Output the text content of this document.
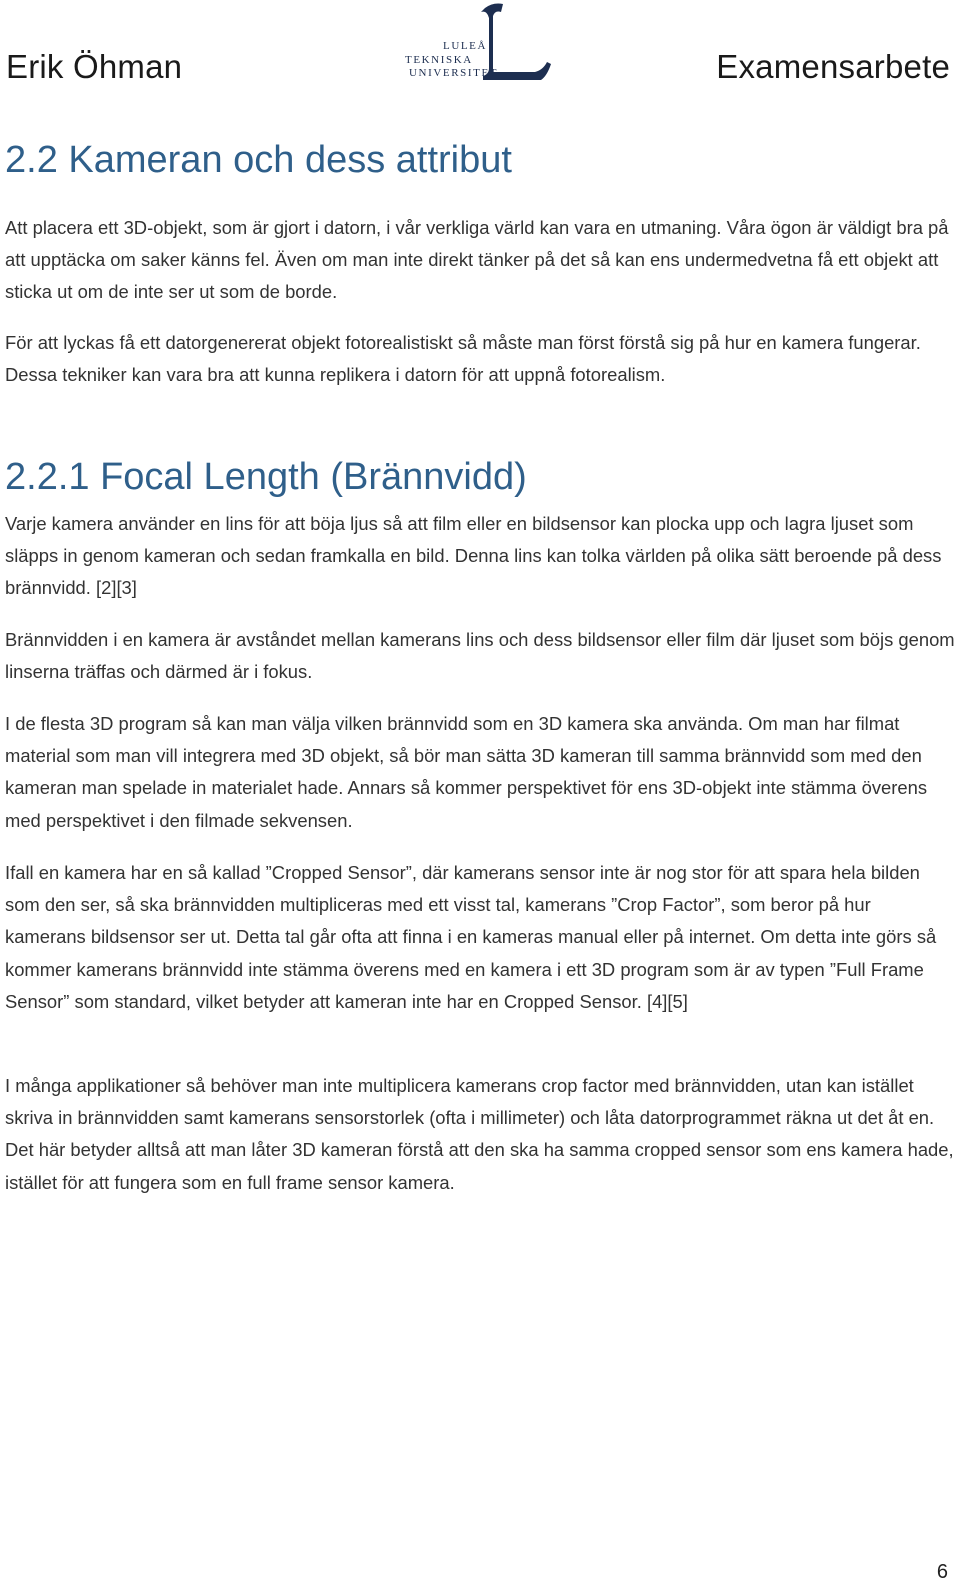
Erik Öhman
LULEÅ
TEKNISKA
UNIVERSITET	Examensarbete
2.2 Kameran och dess attribut

Att placera ett 3D-objekt, som är gjort i datorn, i vår verkliga värld kan vara en utmaning. Våra ögon är väldigt bra på att upptäcka om saker känns fel. Även om man inte direkt tänker på det så kan ens undermedvetna få ett objekt att sticka ut om de inte ser ut som de borde.

För att lyckas få ett datorgenererat objekt fotorealistiskt så måste man först förstå sig på hur en kamera fungerar. Dessa tekniker kan vara bra att kunna replikera i datorn för att uppnå fotorealism.

2.2.1 Focal Length (Brännvidd)

Varje kamera använder en lins för att böja ljus så att film eller en bildsensor kan plocka upp och lagra ljuset som släpps in genom kameran och sedan framkalla en bild. Denna lins kan tolka världen på olika sätt beroende på dess brännvidd. [2][3]

Brännvidden i en kamera är avståndet mellan kamerans lins och dess bildsensor eller film där ljuset som böjs genom linserna träffas och därmed är i fokus.

I de flesta 3D program så kan man välja vilken brännvidd som en 3D kamera ska använda. Om man har filmat material som man vill integrera med 3D objekt, så bör man sätta 3D kameran till samma brännvidd som med den kameran man spelade in materialet hade. Annars så kommer perspektivet för ens 3D-objekt inte stämma överens med perspektivet i den filmade sekvensen.

Ifall en kamera har en så kallad ”Cropped Sensor”, där kamerans sensor inte är nog stor för att spara hela bilden som den ser, så ska brännvidden multipliceras med ett visst tal, kamerans ”Crop Factor”, som beror på hur kamerans bildsensor ser ut. Detta tal går ofta att finna i en kameras manual eller på internet. Om detta inte görs så kommer kamerans brännvidd inte stämma överens med en kamera i ett 3D program som är av typen ”Full Frame Sensor” som standard, vilket betyder att kameran inte har en Cropped Sensor. [4][5]

I många applikationer så behöver man inte multiplicera kamerans crop factor med brännvidden, utan kan istället skriva in brännvidden samt kamerans sensorstorlek (ofta i millimeter) och låta datorprogrammet räkna ut det åt en. Det här betyder alltså att man låter 3D kameran förstå att den ska ha samma cropped sensor som ens kamera hade, istället för att fungera som en full frame sensor kamera.

6
